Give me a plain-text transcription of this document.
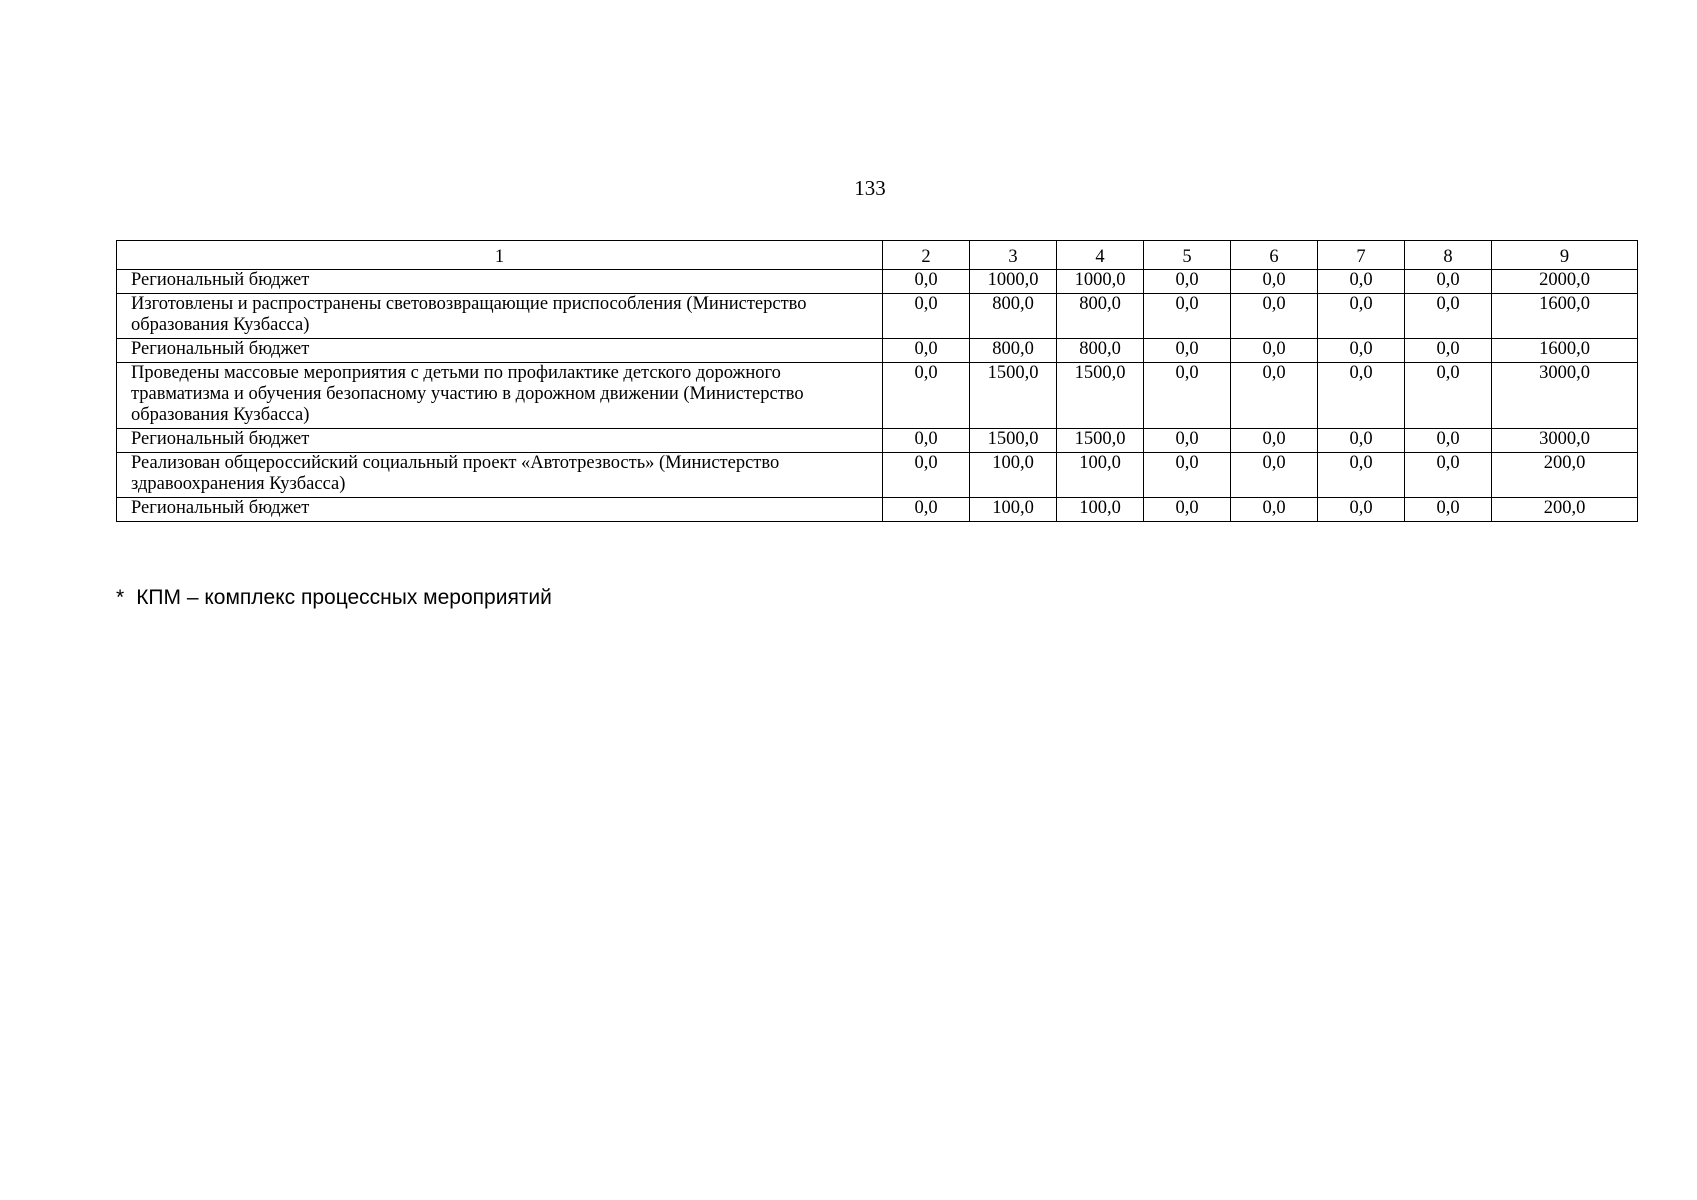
133
1	2	3	4	5	6	7	8	9
Региональный бюджет	0,0	1000,0	1000,0	0,0	0,0	0,0	0,0	2000,0
Изготовлены и распространены световозвращающие приспособления (Министерство образования Кузбасса)	0,0	800,0	800,0	0,0	0,0	0,0	0,0	1600,0
Региональный бюджет	0,0	800,0	800,0	0,0	0,0	0,0	0,0	1600,0
Проведены массовые мероприятия с детьми по профилактике детского дорожного травматизма и обучения безопасному участию в дорожном движении (Министерство образования Кузбасса)	0,0	1500,0	1500,0	0,0	0,0	0,0	0,0	3000,0
Региональный бюджет	0,0	1500,0	1500,0	0,0	0,0	0,0	0,0	3000,0
Реализован общероссийский социальный проект «Автотрезвость» (Министерство здравоохранения Кузбасса)	0,0	100,0	100,0	0,0	0,0	0,0	0,0	200,0
Региональный бюджет	0,0	100,0	100,0	0,0	0,0	0,0	0,0	200,0
* КПМ – комплекс процессных мероприятий
